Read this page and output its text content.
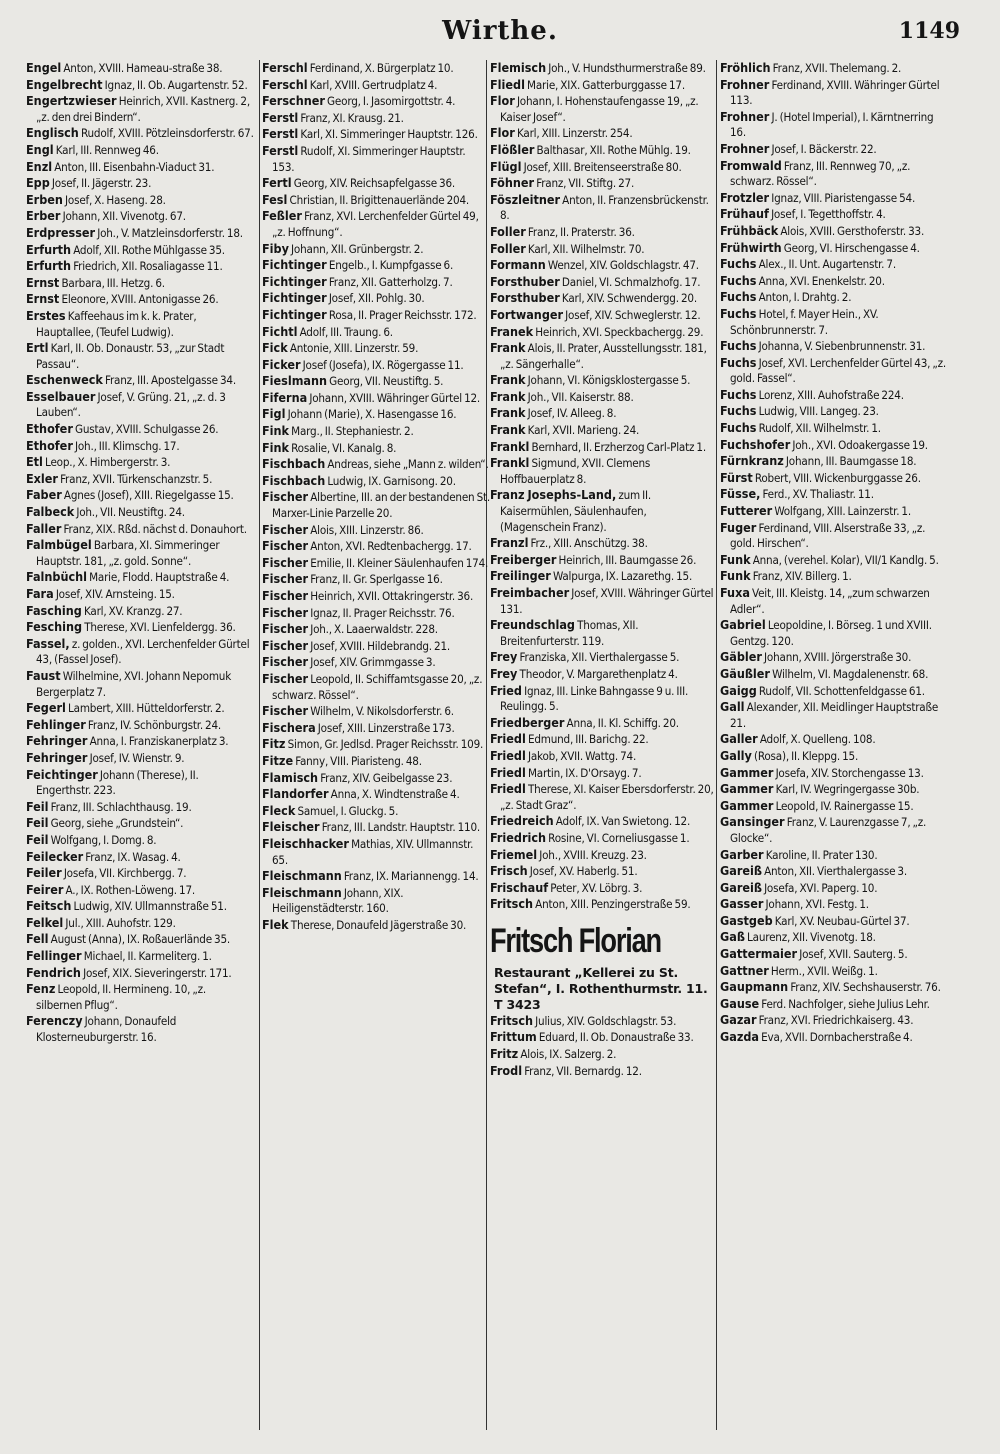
Wirthe.	1149
Engel Anton, XVIII. Hameau-straße 38.
Engelbrecht Ignaz, II. Ob. Augartenstr. 52.
Engertzwieser Heinrich, XVII. Kastnerg. 2, „z. den drei Bindern“.
Englisch Rudolf, XVIII. Pötzleinsdorferstr. 67.
Engl Karl, III. Rennweg 46.
Enzl Anton, III. Eisenbahn-Viaduct 31.
Epp Josef, II. Jägerstr. 23.
Erben Josef, X. Haseng. 28.
Erber Johann, XII. Vivenotg. 67.
Erdpresser Joh., V. Matzleinsdorferstr. 18.
Erfurth Adolf, XII. Rothe Mühlgasse 35.
Erfurth Friedrich, XII. Rosaliagasse 11.
Ernst Barbara, III. Hetzg. 6.
Ernst Eleonore, XVIII. Antonigasse 26.
Erstes Kaffeehaus im k. k. Prater, Hauptallee, (Teufel Ludwig).
Ertl Karl, II. Ob. Donaustr. 53, „zur Stadt Passau“.
Eschenweck Franz, III. Apostelgasse 34.
Esselbauer Josef, V. Grüng. 21, „z. d. 3 Lauben“.
Ethofer Gustav, XVIII. Schulgasse 26.
Ethofer Joh., III. Klimschg. 17.
Etl Leop., X. Himbergerstr. 3.
Exler Franz, XVII. Türkenschanzstr. 5.
Faber Agnes (Josef), XIII. Riegelgasse 15.
Falbeck Joh., VII. Neustiftg. 24.
Faller Franz, XIX. Rßd. nächst d. Donauhort.
Falmbügel Barbara, XI. Simmeringer Hauptstr. 181, „z. gold. Sonne“.
Falnbüchl Marie, Flodd. Hauptstraße 4.
Fara Josef, XIV. Arnsteing. 15.
Fasching Karl, XV. Kranzg. 27.
Fesching Therese, XVI. Lienfeldergg. 36.
Fassel, z. golden., XVI. Lerchenfelder Gürtel 43, (Fassel Josef).
Faust Wilhelmine, XVI. Johann Nepomuk Bergerplatz 7.
Fegerl Lambert, XIII. Hütteldorferstr. 2.
Fehlinger Franz, IV. Schönburgstr. 24.
Fehringer Anna, I. Franziskanerplatz 3.
Fehringer Josef, IV. Wienstr. 9.
Feichtinger Johann (Therese), II. Engerthstr. 223.
Feil Franz, III. Schlachthausg. 19.
Feil Georg, siehe „Grundstein“.
Feil Wolfgang, I. Domg. 8.
Feilecker Franz, IX. Wasag. 4.
Feiler Josefa, VII. Kirchbergg. 7.
Feirer A., IX. Rothen-Löweng. 17.
Feitsch Ludwig, XIV. Ullmannstraße 51.
Felkel Jul., XIII. Auhofstr. 129.
Fell August (Anna), IX. Roßauerlände 35.
Fellinger Michael, II. Karmeliterg. 1.
Fendrich Josef, XIX. Sieveringerstr. 171.
Fenz Leopold, II. Hermineng. 10, „z. silbernen Pflug“.
Ferenczy Johann, Donaufeld Klosterneuburgerstr. 16.
Ferschl Ferdinand, X. Bürgerplatz 10.
Ferschl Karl, XVIII. Gertrudplatz 4.
Ferschner Georg, I. Jasomirgottstr. 4.
Ferstl Franz, XI. Krausg. 21.
Ferstl Karl, XI. Simmeringer Hauptstr. 126.
Ferstl Rudolf, XI. Simmeringer Hauptstr. 153.
Fertl Georg, XIV. Reichsapfelgasse 36.
Fesl Christian, II. Brigittenauerlände 204.
Feßler Franz, XVI. Lerchenfelder Gürtel 49, „z. Hoffnung“.
Fiby Johann, XII. Grünbergstr. 2.
Fichtinger Engelb., I. Kumpfgasse 6.
Fichtinger Franz, XII. Gatterholzg. 7.
Fichtinger Josef, XII. Pohlg. 30.
Fichtinger Rosa, II. Prager Reichsstr. 172.
Fichtl Adolf, III. Traung. 6.
Fick Antonie, XIII. Linzerstr. 59.
Ficker Josef (Josefa), IX. Rögergasse 11.
Fieslmann Georg, VII. Neustiftg. 5.
Fiferna Johann, XVIII. Währinger Gürtel 12.
Figl Johann (Marie), X. Hasengasse 16.
Fink Marg., II. Stephaniestr. 2.
Fink Rosalie, VI. Kanalg. 8.
Fischbach Andreas, siehe „Mann z. wilden“.
Fischbach Ludwig, IX. Garnisong. 20.
Fischer Albertine, III. an der bestandenen St. Marxer-Linie Parzelle 20.
Fischer Alois, XIII. Linzerstr. 86.
Fischer Anton, XVI. Redtenbachergg. 17.
Fischer Emilie, II. Kleiner Säulenhaufen 174.
Fischer Franz, II. Gr. Sperlgasse 16.
Fischer Heinrich, XVII. Ottakringerstr. 36.
Fischer Ignaz, II. Prager Reichsstr. 76.
Fischer Joh., X. Laaerwaldstr. 228.
Fischer Josef, XVIII. Hildebrandg. 21.
Fischer Josef, XIV. Grimmgasse 3.
Fischer Leopold, II. Schiffamtsgasse 20, „z. schwarz. Rössel“.
Fischer Wilhelm, V. Nikolsdorferstr. 6.
Fischera Josef, XIII. Linzerstraße 173.
Fitz Simon, Gr. Jedlsd. Prager Reichsstr. 109.
Fitze Fanny, VIII. Piaristeng. 48.
Flamisch Franz, XIV. Geibelgasse 23.
Flandorfer Anna, X. Windtenstraße 4.
Fleck Samuel, I. Gluckg. 5.
Fleischer Franz, III. Landstr. Hauptstr. 110.
Fleischhacker Mathias, XIV. Ullmannstr. 65.
Fleischmann Franz, IX. Mariannengg. 14.
Fleischmann Johann, XIX. Heiligenstädterstr. 160.
Flek Therese, Donaufeld Jägerstraße 30.
Flemisch Joh., V. Hundsthurmerstraße 89.
Fliedl Marie, XIX. Gatterburggasse 17.
Flor Johann, I. Hohenstaufengasse 19, „z. Kaiser Josef“.
Flor Karl, XIII. Linzerstr. 254.
Flößler Balthasar, XII. Rothe Mühlg. 19.
Flügl Josef, XIII. Breitenseerstraße 80.
Föhner Franz, VII. Stiftg. 27.
Föszleitner Anton, II. Franzensbrückenstr. 8.
Foller Franz, II. Praterstr. 36.
Foller Karl, XII. Wilhelmstr. 70.
Formann Wenzel, XIV. Goldschlagstr. 47.
Forsthuber Daniel, VI. Schmalzhofg. 17.
Forsthuber Karl, XIV. Schwendergg. 20.
Fortwanger Josef, XIV. Schweglerstr. 12.
Franek Heinrich, XVI. Speckbachergg. 29.
Frank Alois, II. Prater, Ausstellungsstr. 181, „z. Sängerhalle“.
Frank Johann, VI. Königsklostergasse 5.
Frank Joh., VII. Kaiserstr. 88.
Frank Josef, IV. Alleeg. 8.
Frank Karl, XVII. Marieng. 24.
Frankl Bernhard, II. Erzherzog Carl-Platz 1.
Frankl Sigmund, XVII. Clemens Hoffbauerplatz 8.
Franz Josephs-Land, zum II. Kaisermühlen, Säulenhaufen, (Magenschein Franz).
Franzl Frz., XIII. Anschützg. 38.
Freiberger Heinrich, III. Baumgasse 26.
Freilinger Walpurga, IX. Lazarethg. 15.
Freimbacher Josef, XVIII. Währinger Gürtel 131.
Freundschlag Thomas, XII. Breitenfurterstr. 119.
Frey Franziska, XII. Vierthalergasse 5.
Frey Theodor, V. Margarethenplatz 4.
Fried Ignaz, III. Linke Bahngasse 9 u. III. Reulingg. 5.
Friedberger Anna, II. Kl. Schiffg. 20.
Friedl Edmund, III. Barichg. 22.
Friedl Jakob, XVII. Wattg. 74.
Friedl Martin, IX. D'Orsayg. 7.
Friedl Therese, XI. Kaiser Ebersdorferstr. 20, „z. Stadt Graz“.
Friedreich Adolf, IX. Van Swietong. 12.
Friedrich Rosine, VI. Corneliusgasse 1.
Friemel Joh., XVIII. Kreuzg. 23.
Frisch Josef, XV. Haberlg. 51.
Frischauf Peter, XV. Löbrg. 3.
Fritsch Anton, XIII. Penzingerstraße 59.
Fritsch Florian
Restaurant „Kellerei zu St. Stefan“, I. Rothenthurmstr. 11. T 3423
Fritsch Julius, XIV. Goldschlagstr. 53.
Frittum Eduard, II. Ob. Donaustraße 33.
Fritz Alois, IX. Salzerg. 2.
Frodl Franz, VII. Bernardg. 12.
Fröhlich Franz, XVII. Thelemang. 2.
Frohner Ferdinand, XVIII. Währinger Gürtel 113.
Frohner J. (Hotel Imperial), I. Kärntnerring 16.
Frohner Josef, I. Bäckerstr. 22.
Fromwald Franz, III. Rennweg 70, „z. schwarz. Rössel“.
Frotzler Ignaz, VIII. Piaristengasse 54.
Frühauf Josef, I. Tegetthoffstr. 4.
Frühbäck Alois, XVIII. Gersthoferstr. 33.
Frühwirth Georg, VI. Hirschengasse 4.
Fuchs Alex., II. Unt. Augartenstr. 7.
Fuchs Anna, XVI. Enenkelstr. 20.
Fuchs Anton, I. Drahtg. 2.
Fuchs Hotel, f. Mayer Hein., XV. Schönbrunnerstr. 7.
Fuchs Johanna, V. Siebenbrunnenstr. 31.
Fuchs Josef, XVI. Lerchenfelder Gürtel 43, „z. gold. Fassel“.
Fuchs Lorenz, XIII. Auhofstraße 224.
Fuchs Ludwig, VIII. Langeg. 23.
Fuchs Rudolf, XII. Wilhelmstr. 1.
Fuchshofer Joh., XVI. Odoakergasse 19.
Fürnkranz Johann, III. Baumgasse 18.
Fürst Robert, VIII. Wickenburggasse 26.
Füsse, Ferd., XV. Thaliastr. 11.
Futterer Wolfgang, XIII. Lainzerstr. 1.
Fuger Ferdinand, VIII. Alserstraße 33, „z. gold. Hirschen“.
Funk Anna, (verehel. Kolar), VII/1 Kandlg. 5.
Funk Franz, XIV. Billerg. 1.
Fuxa Veit, III. Kleistg. 14, „zum schwarzen Adler“.
Gabriel Leopoldine, I. Börseg. 1 und XVIII. Gentzg. 120.
Gäbler Johann, XVIII. Jörgerstraße 30.
Gäußler Wilhelm, VI. Magdalenenstr. 68.
Gaigg Rudolf, VII. Schottenfeldgasse 61.
Gall Alexander, XII. Meidlinger Hauptstraße 21.
Galler Adolf, X. Quelleng. 108.
Gally (Rosa), II. Kleppg. 15.
Gammer Josefa, XIV. Storchengasse 13.
Gammer Karl, IV. Wegringergasse 30b.
Gammer Leopold, IV. Rainergasse 15.
Gansinger Franz, V. Laurenzgasse 7, „z. Glocke“.
Garber Karoline, II. Prater 130.
Gareiß Anton, XII. Vierthalergasse 3.
Gareiß Josefa, XVI. Paperg. 10.
Gasser Johann, XVI. Festg. 1.
Gastgeb Karl, XV. Neubau-Gürtel 37.
Gaß Laurenz, XII. Vivenotg. 18.
Gattermaier Josef, XVII. Sauterg. 5.
Gattner Herm., XVII. Weißg. 1.
Gaupmann Franz, XIV. Sechshauserstr. 76.
Gause Ferd. Nachfolger, siehe Julius Lehr.
Gazar Franz, XVI. Friedrichkaiserg. 43.
Gazda Eva, XVII. Dornbacherstraße 4.
